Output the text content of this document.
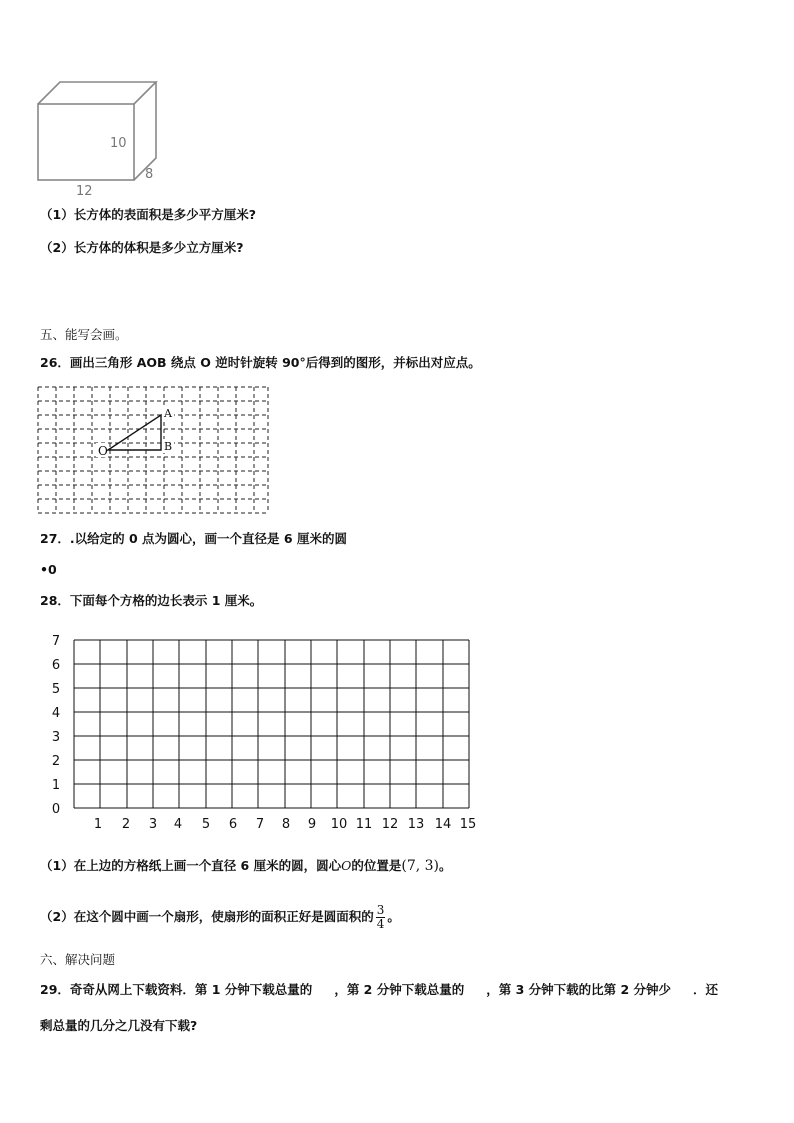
10
8
12
（1）长方体的表面积是多少平方厘米?
（2）长方体的体积是多少立方厘米?
五、能写会画。
26．画出三角形 AOB 绕点 O 逆时针旋转 90°后得到的图形，并标出对应点。
O
A
B
27．.以给定的 0 点为圆心，画一个直径是 6 厘米的圆
•0
28．下面每个方格的边长表示 1 厘米。
7
6
5
4
3
2
1
0
1 2 3 4 5 6 7 8 9 10 11 12 13 14 15
（1）在上边的方格纸上画一个直径 6 厘米的圆，圆心O的位置是(7, 3)。
（2）在这个圆中画一个扇形，使扇形的面积正好是圆面积的 $\frac{3}{4}$ 。
六、解决问题
29．奇奇从网上下载资料．第 1 分钟下载总量的 ，第 2 分钟下载总量的 ，第 3 分钟下载的比第 2 分钟少 ．还
剩总量的几分之几没有下载?
